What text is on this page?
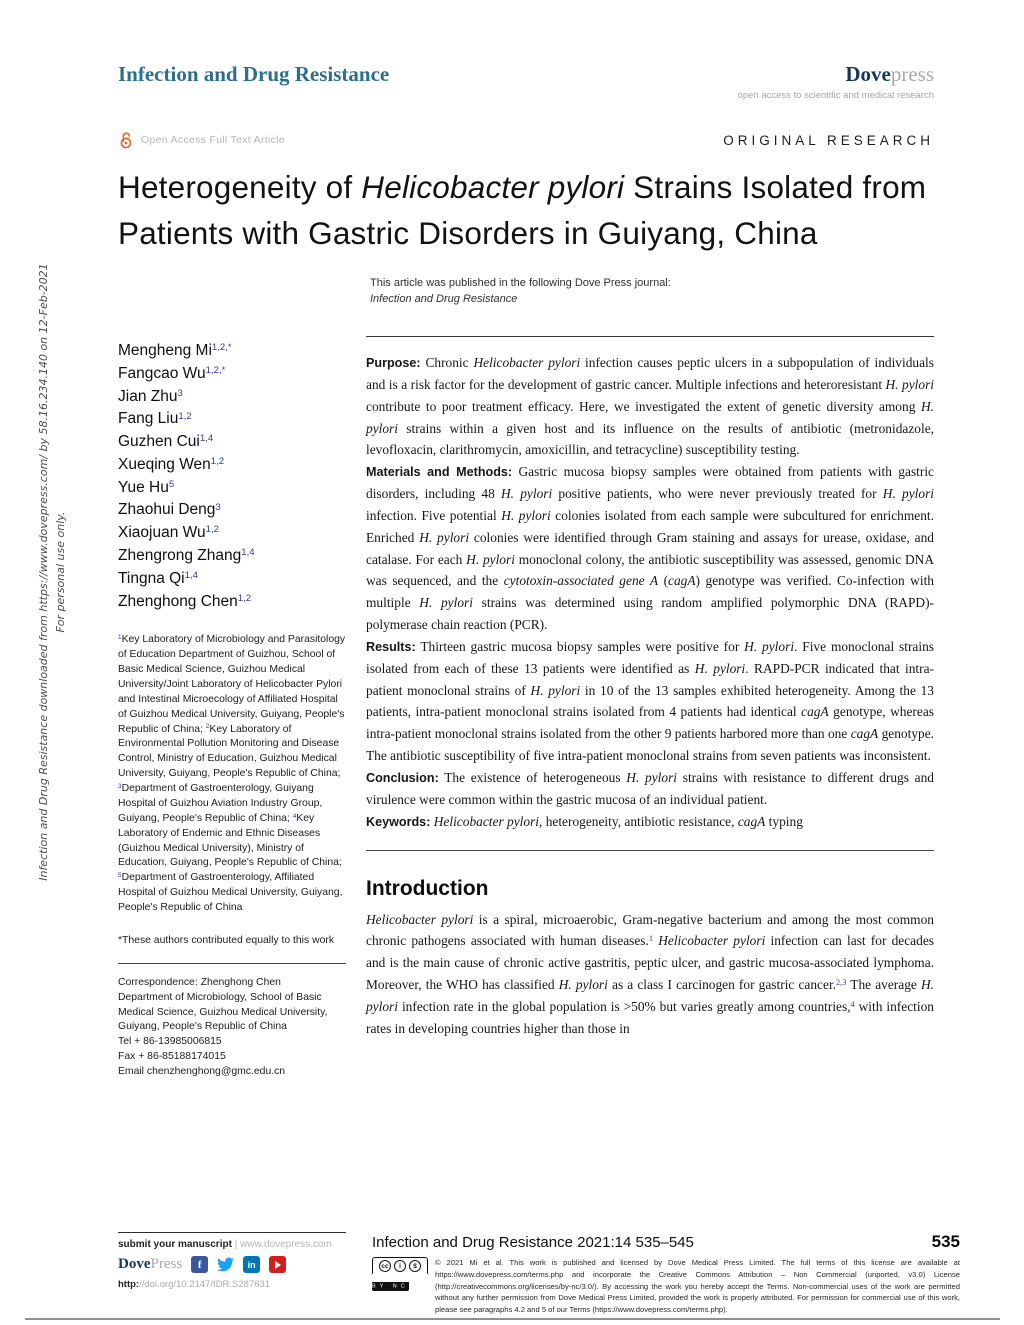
Infection and Drug Resistance downloaded from https://www.dovepress.com/ by 58.16.234.140 on 12-Feb-2021 For personal use only.
Infection and Drug Resistance	Dovepress
open access to scientific and medical research
Open Access Full Text Article	ORIGINAL RESEARCH
Heterogeneity of Helicobacter pylori Strains Isolated from Patients with Gastric Disorders in Guiyang, China
This article was published in the following Dove Press journal:
Infection and Drug Resistance
Mengheng $Mi^{1,2,*}$
Fangcao $Wu^{1,2,*}$
Jian Zhu$^3$
Fang Liu$^{1,2}$
Guzhen Cui$^{1,4}$
Xueqing Wen$^{1,2}$
Yue Hu$^5$
Zhaohui Deng$^3$
Xiaojuan Wu$^{1,2}$
Zhengrong Zhang$^{1,4}$
Tingna Qi$^{1,4}$
Zhenghong Chen$^{1,2}$

$^1$Key Laboratory of Microbiology and Parasitology of Education Department of Guizhou, School of Basic Medical Science, Guizhou Medical University/Joint Laboratory of Helicobacter Pylori and Intestinal Microecology of Affiliated Hospital of Guizhou Medical University, Guiyang, People's Republic of China; $^2$Key Laboratory of Environmental Pollution Monitoring and Disease Control, Ministry of Education, Guizhou Medical University, Guiyang, People's Republic of China; $^3$Department of Gastroenterology, Guiyang Hospital of Guizhou Aviation Industry Group, Guiyang, People's Republic of China; $^4$Key Laboratory of Endemic and Ethnic Diseases (Guizhou Medical University), Ministry of Education, Guiyang, People's Republic of China; $^5$Department of Gastroenterology, Affiliated Hospital of Guizhou Medical University, Guiyang, People's Republic of China

*These authors contributed equally to this work

Correspondence: Zhenghong Chen
Department of Microbiology, School of Basic Medical Science, Guizhou Medical University, Guiyang, People's Republic of China
Tel + 86-13985006815
Fax + 86-85188174015
Email chenzhenghong@gmc.edu.cn

Purpose: Chronic Helicobacter pylori infection causes peptic ulcers in a subpopulation of individuals and is a risk factor for the development of gastric cancer. Multiple infections and heteroresistant H. pylori contribute to poor treatment efficacy. Here, we investigated the extent of genetic diversity among H. pylori strains within a given host and its influence on the results of antibiotic (metronidazole, levofloxacin, clarithromycin, amoxicillin, and tetracycline) susceptibility testing.

Materials and Methods: Gastric mucosa biopsy samples were obtained from patients with gastric disorders, including 48 H. pylori positive patients, who were never previously treated for H. pylori infection. Five potential H. pylori colonies isolated from each sample were subcultured for enrichment. Enriched H. pylori colonies were identified through Gram staining and assays for urease, oxidase, and catalase. For each H. pylori monoclonal colony, the antibiotic susceptibility was assessed, genomic DNA was sequenced, and the cytotoxin-associated gene A (cagA) genotype was verified. Co-infection with multiple H. pylori strains was determined using random amplified polymorphic DNA (RAPD)-polymerase chain reaction (PCR).

Results: Thirteen gastric mucosa biopsy samples were positive for H. pylori. Five monoclonal strains isolated from each of these 13 patients were identified as H. pylori. RAPD-PCR indicated that intra-patient monoclonal strains of H. pylori in 10 of the 13 samples exhibited heterogeneity. Among the 13 patients, intra-patient monoclonal strains isolated from 4 patients had identical cagA genotype, whereas intra-patient monoclonal strains isolated from the other 9 patients harbored more than one cagA genotype. The antibiotic susceptibility of five intra-patient monoclonal strains from seven patients was inconsistent.

Conclusion: The existence of heterogeneous H. pylori strains with resistance to different drugs and virulence were common within the gastric mucosa of an individual patient.

Keywords: Helicobacter pylori, heterogeneity, antibiotic resistance, cagA typing

Introduction

Helicobacter pylori is a spiral, microaerobic, Gram-negative bacterium and among the most common chronic pathogens associated with human diseases.$^1$ Helicobacter pylori infection can last for decades and is the main cause of chronic active gastritis, peptic ulcer, and gastric mucosa-associated lymphoma. Moreover, the WHO has classified H. pylori as a class I carcinogen for gastric cancer.$^{2,3}$ The average H. pylori infection rate in the global population is >50% but varies greatly among countries,$^4$ with infection rates in developing countries higher than those in

submit your manuscript | www.dovepress.com
DovePress	f	in
http://doi.org/10.2147/IDR.S287631
Infection and Drug Resistance 2021:14 535–545	535
cc	i	$
BY NC
© 2021 Mi et al. This work is published and licensed by Dove Medical Press Limited. The full terms of this license are available at https://www.dovepress.com/terms.php and incorporate the Creative Commons Attribution – Non Commercial (unported, v3.0) License (http://creativecommons.org/licenses/by-nc/3.0/). By accessing the work you hereby accept the Terms. Non-commercial uses of the work are permitted without any further permission from Dove Medical Press Limited, provided the work is properly attributed. For permission for commercial use of this work, please see paragraphs 4.2 and 5 of our Terms (https://www.dovepress.com/terms.php).
